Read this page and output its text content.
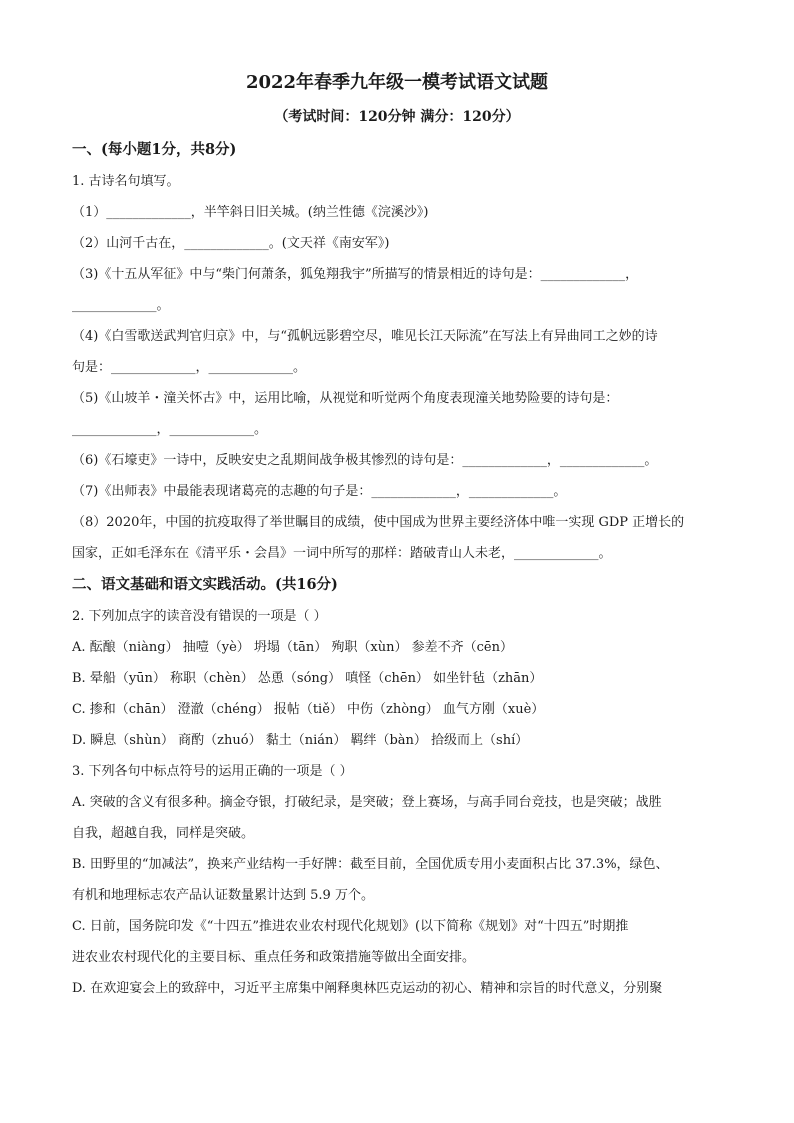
2022年春季九年级一模考试语文试题
（考试时间：120分钟 满分：120分）
一、(每小题1分，共8分)
1. 古诗名句填写。
（1）_____________，半竿斜日旧关城。(纳兰性德《浣溪沙》)
（2）山河千古在，_____________。(文天祥《南安军》)
（3)《十五从军征》中与“柴门何萧条，狐兔翔我宇”所描写的情景相近的诗句是：_____________，
_____________。
（4)《白雪歌送武判官归京》中，与“孤帆远影碧空尽，唯见长江天际流”在写法上有异曲同工之妙的诗
句是：_____________，_____________。
（5)《山坡羊・潼关怀古》中，运用比喻，从视觉和听觉两个角度表现潼关地势险要的诗句是：
_____________，_____________。
（6)《石壕吏》一诗中，反映安史之乱期间战争极其惨烈的诗句是：_____________，_____________。
（7)《出师表》中最能表现诸葛亮的志趣的句子是：_____________，_____________。
（8）2020年，中国的抗疫取得了举世瞩目的成绩，使中国成为世界主要经济体中唯一实现 GDP 正增长的
国家，正如毛泽东在《清平乐・会昌》一词中所写的那样：踏破青山人未老，_____________。
二、语文基础和语文实践活动。(共16分)
2. 下列加点字的读音没有错误的一项是（ ）
A. 酝酿（niàng） 抽噎（yè） 坍塌（tān） 殉职（xùn） 参差不齐（cēn）
B. 晕船（yūn） 称职（chèn） 怂恿（sóng） 嗔怪（chēn） 如坐针毡（zhān）
C. 掺和（chān） 澄澈（chéng） 报帖（tiě） 中伤（zhòng） 血气方刚（xuè）
D. 瞬息（shùn） 商酌（zhuó） 黏土（nián） 羁绊（bàn） 拾级而上（shí）
3. 下列各句中标点符号的运用正确的一项是（ ）
A. 突破的含义有很多种。摘金夺银，打破纪录，是突破；登上赛场，与高手同台竞技，也是突破；战胜
自我，超越自我，同样是突破。
B. 田野里的“加减法”，换来产业结构一手好牌：截至目前，全国优质专用小麦面积占比 37.3%，绿色、
有机和地理标志农产品认证数量累计达到 5.9 万个。
C. 日前，国务院印发《“十四五”推进农业农村现代化规划》(以下简称《规划》对“十四五”时期推
进农业农村现代化的主要目标、重点任务和政策措施等做出全面安排。
D. 在欢迎宴会上的致辞中，习近平主席集中阐释奥林匹克运动的初心、精神和宗旨的时代意义，分别聚
